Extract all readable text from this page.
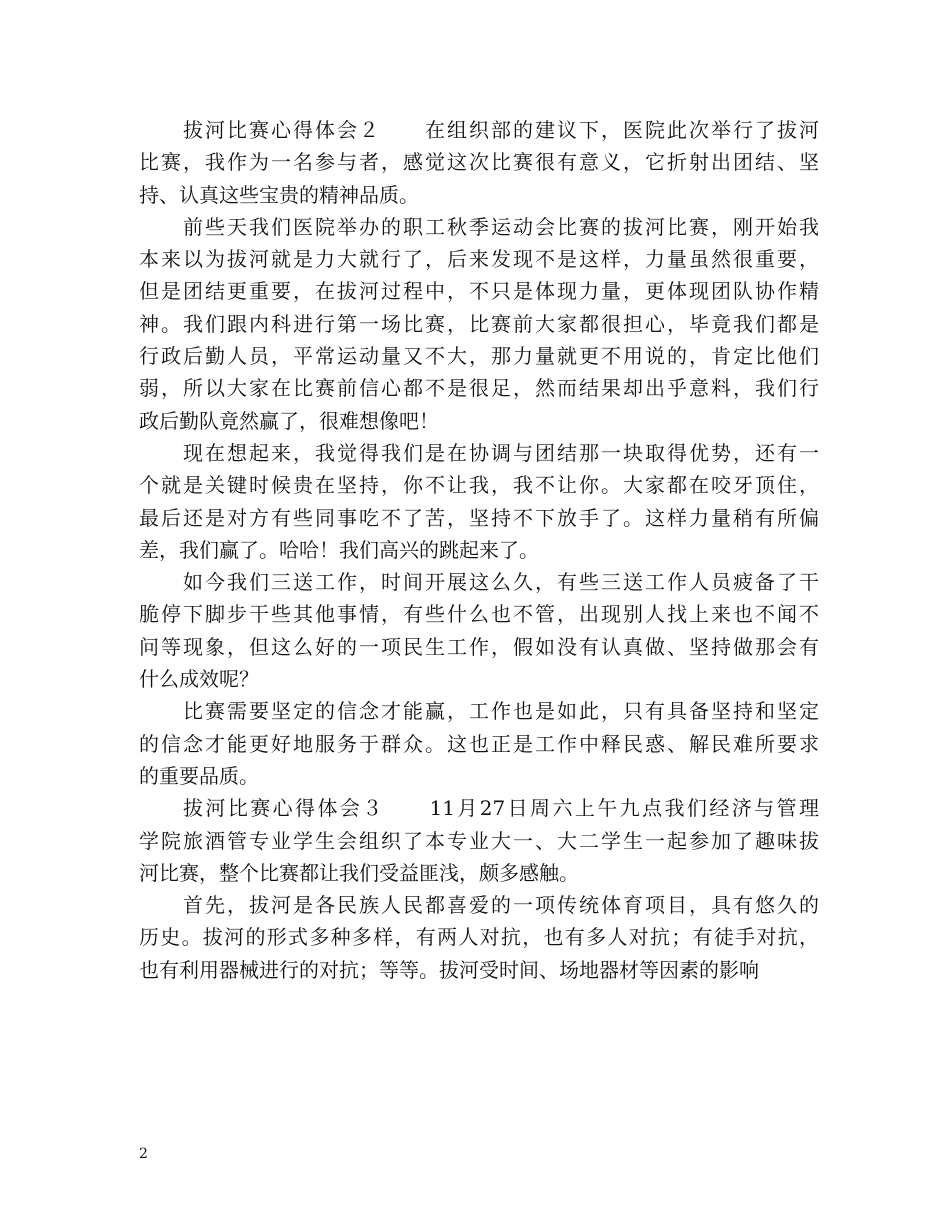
拔河比赛心得体会２　　在组织部的建议下，医院此次举行了拔河
比赛，我作为一名参与者，感觉这次比赛很有意义，它折射出团结、坚
持、认真这些宝贵的精神品质。

前些天我们医院举办的职工秋季运动会比赛的拔河比赛，刚开始我
本来以为拔河就是力大就行了，后来发现不是这样，力量虽然很重要，
但是团结更重要，在拔河过程中，不只是体现力量，更体现团队协作精
神。我们跟内科进行第一场比赛，比赛前大家都很担心，毕竟我们都是
行政后勤人员，平常运动量又不大，那力量就更不用说的，肯定比他们
弱，所以大家在比赛前信心都不是很足，然而结果却出乎意料，我们行
政后勤队竟然赢了，很难想像吧！

现在想起来，我觉得我们是在协调与团结那一块取得优势，还有一
个就是关键时候贵在坚持，你不让我，我不让你。大家都在咬牙顶住，
最后还是对方有些同事吃不了苦，坚持不下放手了。这样力量稍有所偏
差，我们赢了。哈哈！我们高兴的跳起来了。

如今我们三送工作，时间开展这么久，有些三送工作人员疲备了干
脆停下脚步干些其他事情，有些什么也不管，出现别人找上来也不闻不
问等现象，但这么好的一项民生工作，假如没有认真做、坚持做那会有
什么成效呢？

比赛需要坚定的信念才能赢，工作也是如此，只有具备坚持和坚定
的信念才能更好地服务于群众。这也正是工作中释民惑、解民难所要求
的重要品质。

拔河比赛心得体会３　　11月27日周六上午九点我们经济与管理
学院旅酒管专业学生会组织了本专业大一、大二学生一起参加了趣味拔
河比赛，整个比赛都让我们受益匪浅，颇多感触。

首先，拔河是各民族人民都喜爱的一项传统体育项目，具有悠久的
历史。拔河的形式多种多样，有两人对抗，也有多人对抗；有徒手对抗，
也有利用器械进行的对抗；等等。拔河受时间、场地器材等因素的影响

2
